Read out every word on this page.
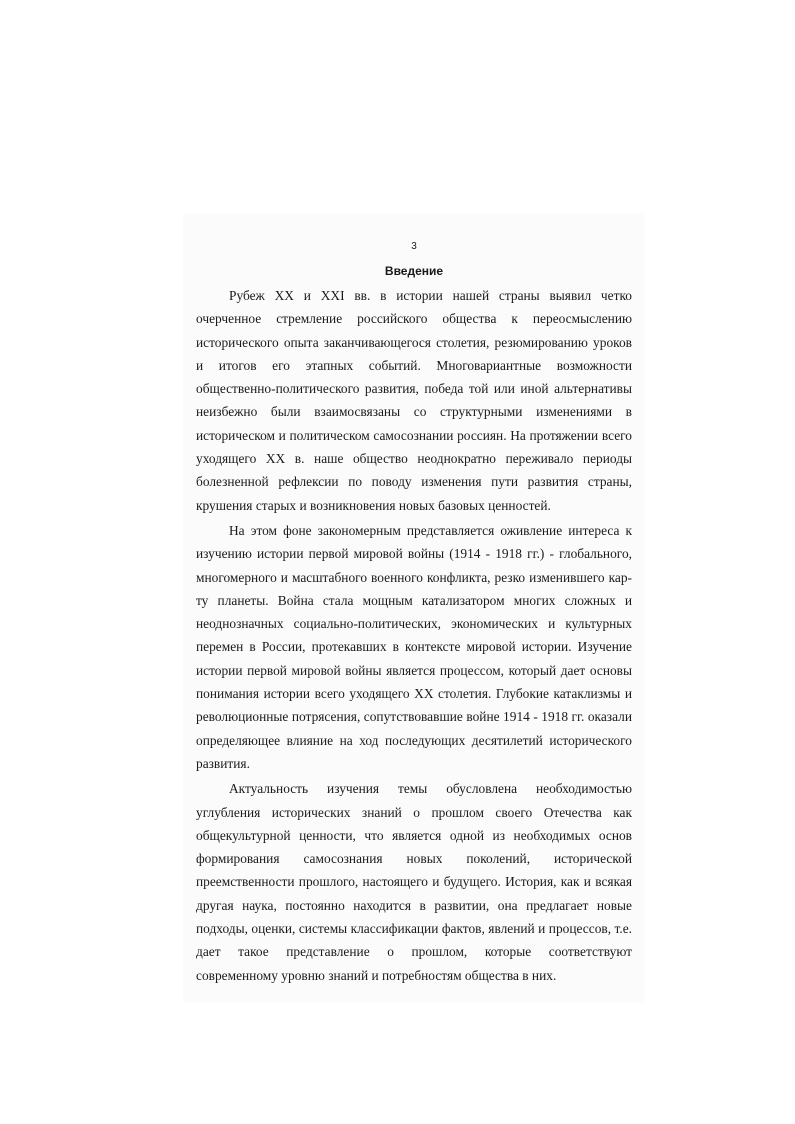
3
Введение

Рубеж XX и XXI вв. в истории нашей страны выявил четко очерченное стремление российского общества к переосмыслению исторического опыта заканчивающегося столетия, резюмированию уроков и итогов его этапных событий. Многовариантные возможности общественно-политического развития, победа той или иной альтернативы неизбежно были взаимосвязаны со структурными изменениями в историческом и политическом самосознании россиян. На протяжении всего уходящего XX в. наше общество неоднократно переживало периоды болезненной рефлексии по поводу изменения пути развития страны, крушения старых и возникновения новых базовых ценностей.

На этом фоне закономерным представляется оживление интереса к изучению истории первой мировой войны (1914 - 1918 гг.) - глобального, многомерного и масштабного военного конфликта, резко изменившего карту планеты. Война стала мощным катализатором многих сложных и неоднозначных социально-политических, экономических и культурных перемен в России, протекавших в контексте мировой истории. Изучение истории первой мировой войны является процессом, который дает основы понимания истории всего уходящего XX столетия. Глубокие катаклизмы и революционные потрясения, сопутствовавшие войне 1914 - 1918 гг. оказали определяющее влияние на ход последующих десятилетий исторического развития.

Актуальность изучения темы обусловлена необходимостью углубления исторических знаний о прошлом своего Отечества как общекультурной ценности, что является одной из необходимых основ формирования самосознания новых поколений, исторической преемственности прошлого, настоящего и будущего. История, как и всякая другая наука, постоянно находится в развитии, она предлагает новые подходы, оценки, системы классификации фактов, явлений и процессов, т.е. дает такое представление о прошлом, которые соответствуют современному уровню знаний и потребностям общества в них.
